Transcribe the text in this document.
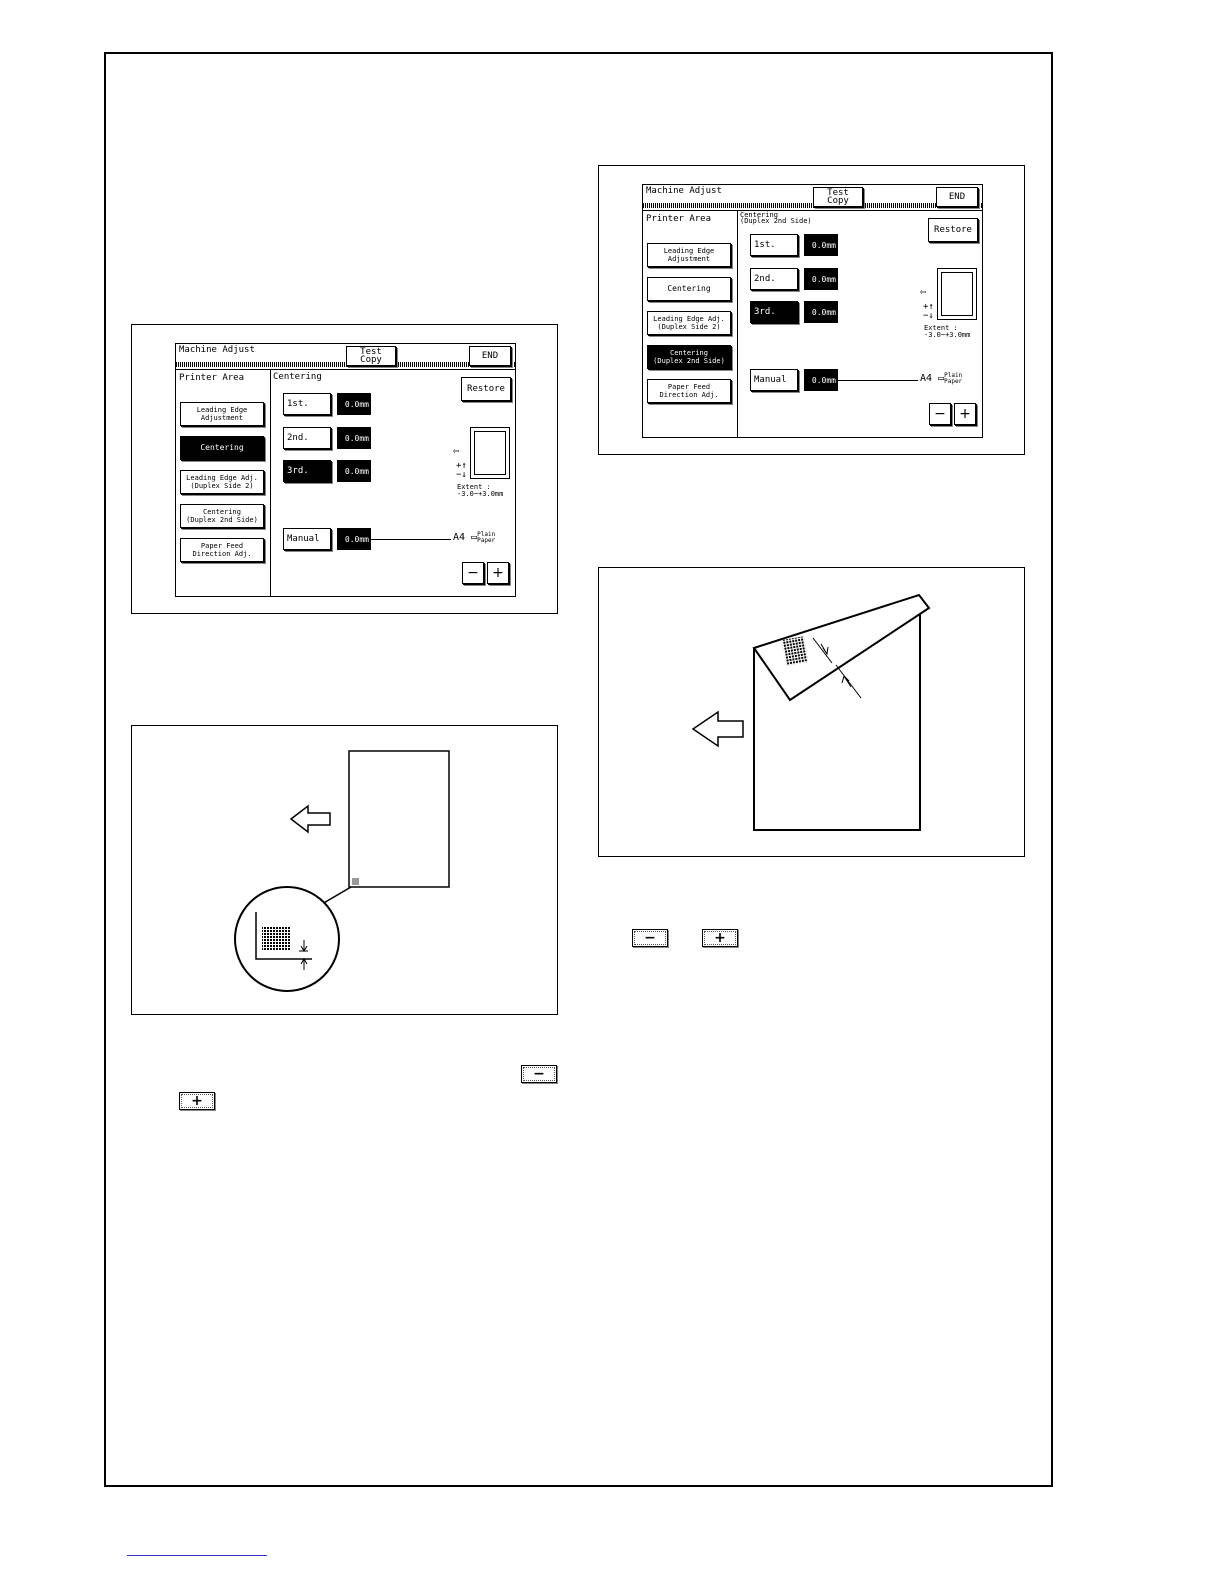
Machine Adjust	Test Copy	END
Printer Area
Leading Edge
Adjustment
Centering
Leading Edge Adj.
(Duplex Side 2)
Centering
(Duplex 2nd Side)
Paper Feed
Direction Adj.
Centering
Restore
1st.	0.0mm
2nd.	0.0mm
3rd.	0.0mm
⇦
+↑
−↓
Extent :
-3.0~+3.0mm
Manual	0.0mm	A4 ▭Plain
Paper
− +
Machine Adjust	Test Copy	END
Printer Area
Leading Edge
Adjustment
Centering
Leading Edge Adj.
(Duplex Side 2)
Centering
(Duplex 2nd Side)
Paper Feed
Direction Adj.
Centering
(Duplex 2nd Side)
Restore
1st.	0.0mm
2nd.	0.0mm
3rd.	0.0mm
⇦
+↑
−↓
Extent :
-3.0~+3.0mm
Manual	0.0mm	A4 ▭Plain
Paper
− +
−	+
−
+
